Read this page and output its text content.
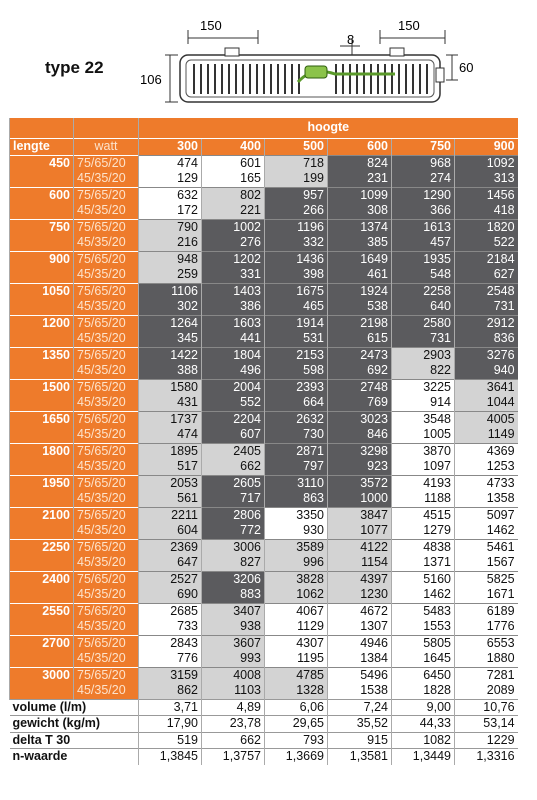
150
8
150
106
60
type 22
		hoogte					
lengte	watt	300	400	500	600	750	900
450	75/65/20	474	601	718	824	968	1092
	45/35/20	129	165	199	231	274	313
600	75/65/20	632	802	957	1099	1290	1456
	45/35/20	172	221	266	308	366	418
750	75/65/20	790	1002	1196	1374	1613	1820
	45/35/20	216	276	332	385	457	522
900	75/65/20	948	1202	1436	1649	1935	2184
	45/35/20	259	331	398	461	548	627
1050	75/65/20	1106	1403	1675	1924	2258	2548
	45/35/20	302	386	465	538	640	731
1200	75/65/20	1264	1603	1914	2198	2580	2912
	45/35/20	345	441	531	615	731	836
1350	75/65/20	1422	1804	2153	2473	2903	3276
	45/35/20	388	496	598	692	822	940
1500	75/65/20	1580	2004	2393	2748	3225	3641
	45/35/20	431	552	664	769	914	1044
1650	75/65/20	1737	2204	2632	3023	3548	4005
	45/35/20	474	607	730	846	1005	1149
1800	75/65/20	1895	2405	2871	3298	3870	4369
	45/35/20	517	662	797	923	1097	1253
1950	75/65/20	2053	2605	3110	3572	4193	4733
	45/35/20	561	717	863	1000	1188	1358
2100	75/65/20	2211	2806	3350	3847	4515	5097
	45/35/20	604	772	930	1077	1279	1462
2250	75/65/20	2369	3006	3589	4122	4838	5461
	45/35/20	647	827	996	1154	1371	1567
2400	75/65/20	2527	3206	3828	4397	5160	5825
	45/35/20	690	883	1062	1230	1462	1671
2550	75/65/20	2685	3407	4067	4672	5483	6189
	45/35/20	733	938	1129	1307	1553	1776
2700	75/65/20	2843	3607	4307	4946	5805	6553
	45/35/20	776	993	1195	1384	1645	1880
3000	75/65/20	3159	4008	4785	5496	6450	7281
	45/35/20	862	1103	1328	1538	1828	2089
volume (l/m)		3,71	4,89	6,06	7,24	9,00	10,76
gewicht (kg/m)		17,90	23,78	29,65	35,52	44,33	53,14
delta T 30		519	662	793	915	1082	1229
n-waarde		1,3845	1,3757	1,3669	1,3581	1,3449	1,3316
